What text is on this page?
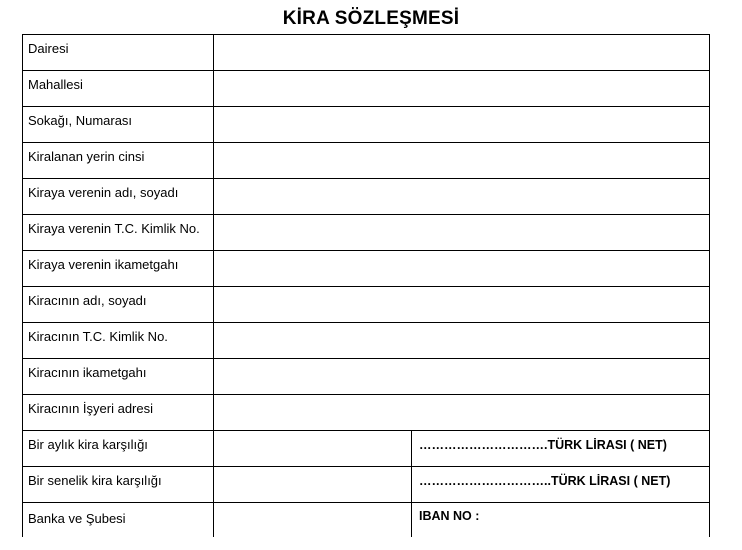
KİRA SÖZLEŞMESİ
Dairesi		
Mahallesi		
Sokağı, Numarası		
Kiralanan yerin cinsi		
Kiraya verenin adı, soyadı		
Kiraya verenin T.C. Kimlik No.		
Kiraya verenin ikametgahı		
Kiracının adı, soyadı		
Kiracının T.C. Kimlik No.		
Kiracının ikametgahı		
Kiracının İşyeri adresi		
Bir aylık kira karşılığı		………………………….TÜRK LİRASI ( NET)
Bir senelik kira karşılığı		…………………………..TÜRK LİRASI ( NET)
Banka ve Şubesi		IBAN NO :
